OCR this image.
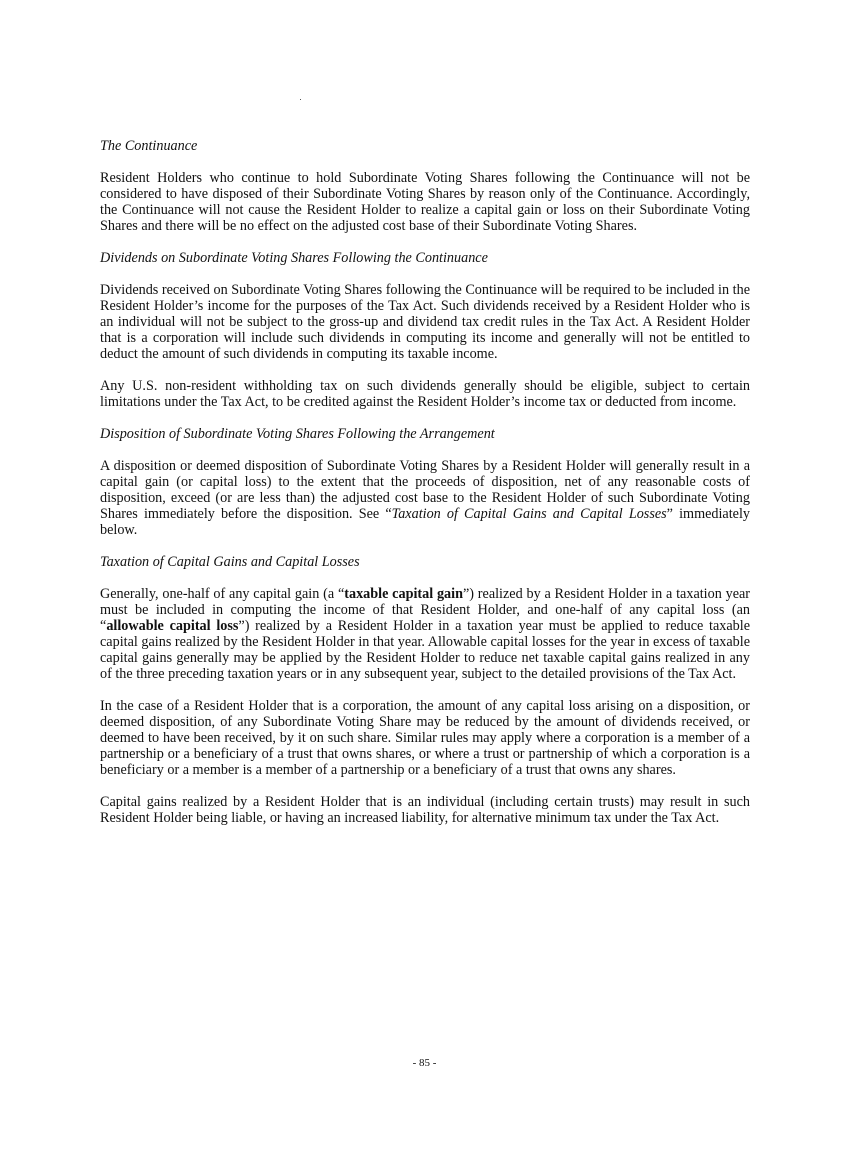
The Continuance

Resident Holders who continue to hold Subordinate Voting Shares following the Continuance will not be considered to have disposed of their Subordinate Voting Shares by reason only of the Continuance. Accordingly, the Continuance will not cause the Resident Holder to realize a capital gain or loss on their Subordinate Voting Shares and there will be no effect on the adjusted cost base of their Subordinate Voting Shares.

Dividends on Subordinate Voting Shares Following the Continuance

Dividends received on Subordinate Voting Shares following the Continuance will be required to be included in the Resident Holder’s income for the purposes of the Tax Act. Such dividends received by a Resident Holder who is an individual will not be subject to the gross-up and dividend tax credit rules in the Tax Act. A Resident Holder that is a corporation will include such dividends in computing its income and generally will not be entitled to deduct the amount of such dividends in computing its taxable income.

Any U.S. non-resident withholding tax on such dividends generally should be eligible, subject to certain limitations under the Tax Act, to be credited against the Resident Holder’s income tax or deducted from income.

Disposition of Subordinate Voting Shares Following the Arrangement

A disposition or deemed disposition of Subordinate Voting Shares by a Resident Holder will generally result in a capital gain (or capital loss) to the extent that the proceeds of disposition, net of any reasonable costs of disposition, exceed (or are less than) the adjusted cost base to the Resident Holder of such Subordinate Voting Shares immediately before the disposition. See “Taxation of Capital Gains and Capital Losses” immediately below.

Taxation of Capital Gains and Capital Losses

Generally, one-half of any capital gain (a “taxable capital gain”) realized by a Resident Holder in a taxation year must be included in computing the income of that Resident Holder, and one-half of any capital loss (an “allowable capital loss”) realized by a Resident Holder in a taxation year must be applied to reduce taxable capital gains realized by the Resident Holder in that year. Allowable capital losses for the year in excess of taxable capital gains generally may be applied by the Resident Holder to reduce net taxable capital gains realized in any of the three preceding taxation years or in any subsequent year, subject to the detailed provisions of the Tax Act.

In the case of a Resident Holder that is a corporation, the amount of any capital loss arising on a disposition, or deemed disposition, of any Subordinate Voting Share may be reduced by the amount of dividends received, or deemed to have been received, by it on such share. Similar rules may apply where a corporation is a member of a partnership or a beneficiary of a trust that owns shares, or where a trust or partnership of which a corporation is a beneficiary or a member is a member of a partnership or a beneficiary of a trust that owns any shares.

Capital gains realized by a Resident Holder that is an individual (including certain trusts) may result in such Resident Holder being liable, or having an increased liability, for alternative minimum tax under the Tax Act.

- 85 -
